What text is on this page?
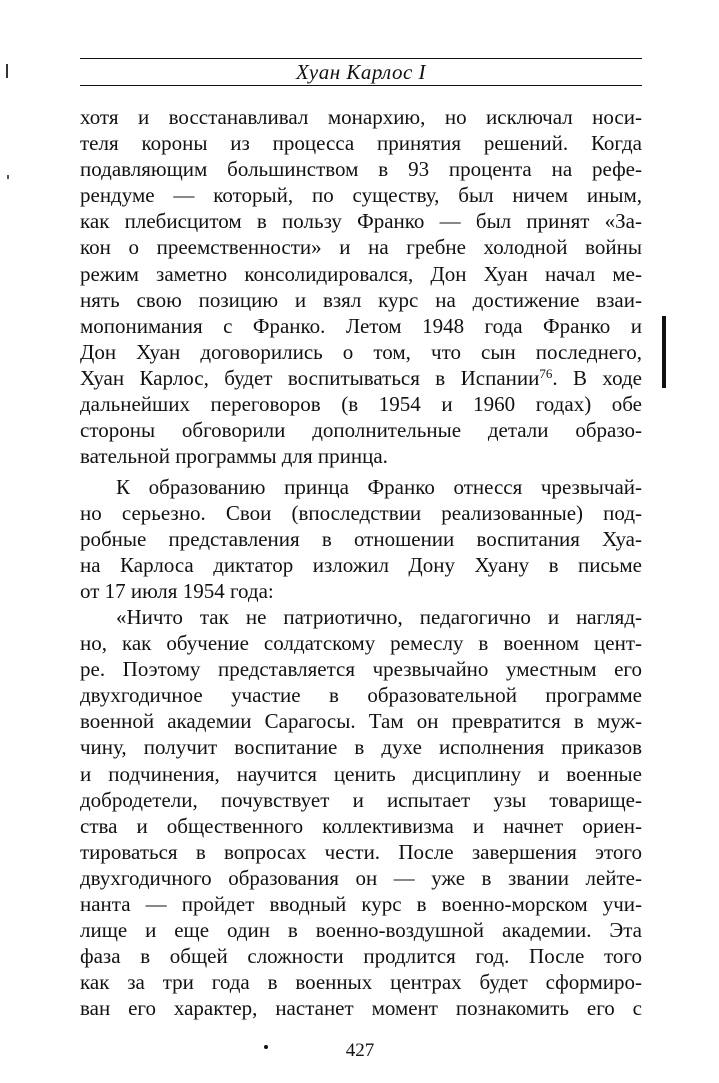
Хуан Карлос I
хотя и восстанавливал монархию, но исключал носи-
теля короны из процесса принятия решений. Когда
подавляющим большинством в 93 процента на рефе-
рендуме — который, по существу, был ничем иным,
как плебисцитом в пользу Франко — был принят «За-
кон о преемственности» и на гребне холодной войны
режим заметно консолидировался, Дон Хуан начал ме-
нять свою позицию и взял курс на достижение взаи-
мопонимания с Франко. Летом 1948 года Франко и
Дон Хуан договорились о том, что сын последнего,
Хуан Карлос, будет воспитываться в Испании$^{76}$. В ходе
дальнейших переговоров (в 1954 и 1960 годах) обе
стороны обговорили дополнительные детали образо-
вательной программы для принца.
К образованию принца Франко отнесся чрезвычай-
но серьезно. Свои (впоследствии реализованные) под-
робные представления в отношении воспитания Хуа-
на Карлоса диктатор изложил Дону Хуану в письме
от 17 июля 1954 года:
«Ничто так не патриотично, педагогично и нагляд-
но, как обучение солдатскому ремеслу в военном цент-
ре. Поэтому представляется чрезвычайно уместным его
двухгодичное участие в образовательной программе
военной академии Сарагосы. Там он превратится в муж-
чину, получит воспитание в духе исполнения приказов
и подчинения, научится ценить дисциплину и военные
добродетели, почувствует и испытает узы товарище-
ства и общественного коллективизма и начнет ориен-
тироваться в вопросах чести. После завершения этого
двухгодичного образования он — уже в звании лейте-
нанта — пройдет вводный курс в военно-морском учи-
лище и еще один в военно-воздушной академии. Эта
фаза в общей сложности продлится год. После того
как за три года в военных центрах будет сформиро-
ван его характер, настанет момент познакомить его с
427
